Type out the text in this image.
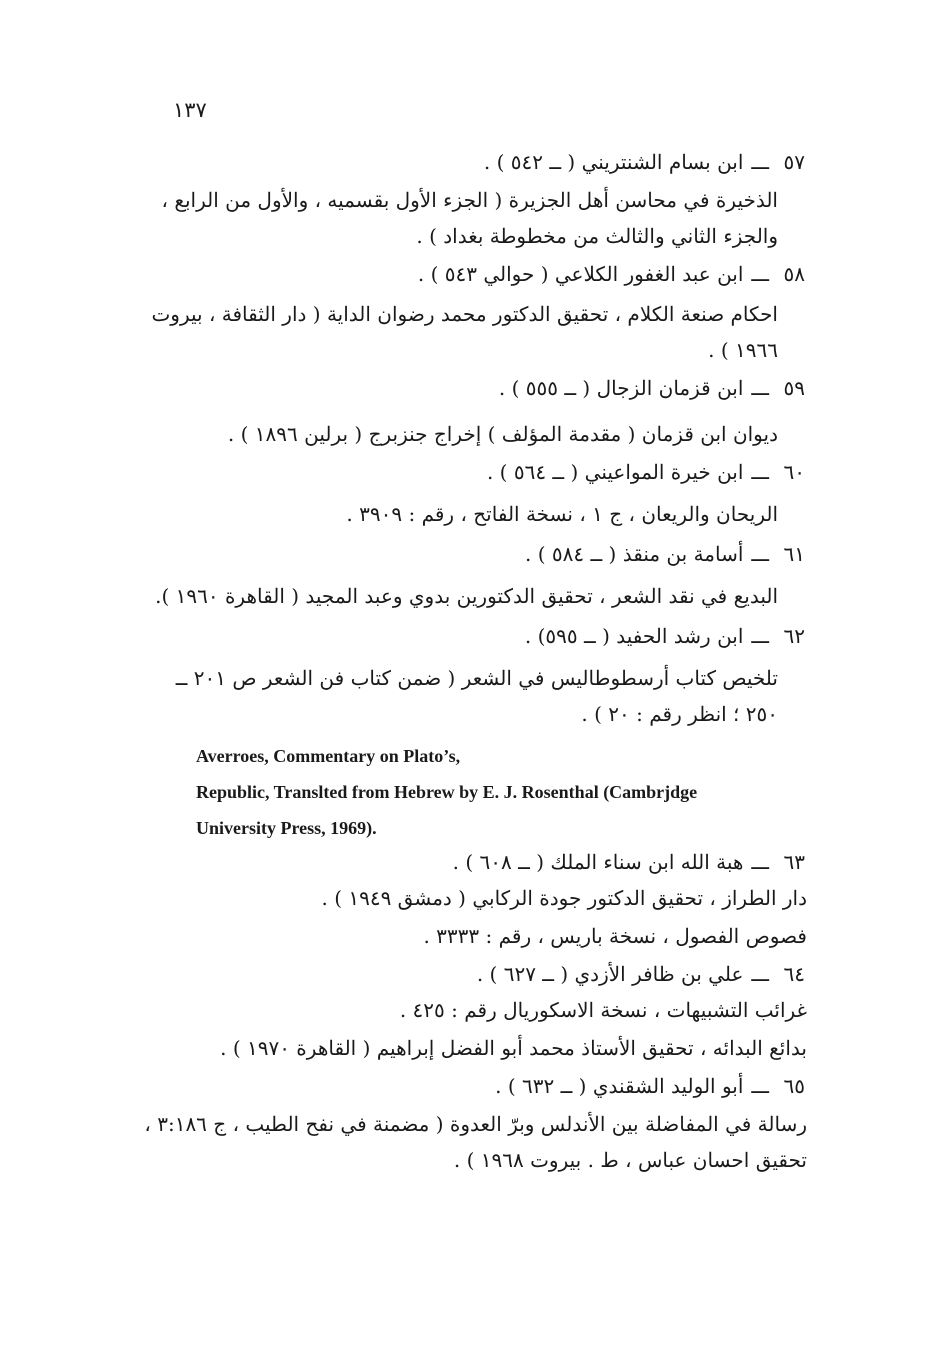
١٣٧
٥٧ـــابن بسام الشنتريني ( ــ ٥٤٢ ) .
الذخيرة في محاسن أهل الجزيرة ( الجزء الأول بقسميه ، والأول من الرابع ،
والجزء الثاني والثالث من مخطوطة بغداد ) .
٥٨ـــابن عبد الغفور الكلاعي ( حوالي ٥٤٣ ) .
احكام صنعة الكلام ، تحقيق الدكتور محمد رضوان الداية ( دار الثقافة ، بيروت
١٩٦٦ ) .
٥٩ـــابن قزمان الزجال ( ــ ٥٥٥ ) .
ديوان ابن قزمان ( مقدمة المؤلف ) إخراج جنزبرج ( برلين ١٨٩٦ ) .
٦٠ـــابن خيرة المواعيني ( ــ ٥٦٤ ) .
الريحان والريعان ، ج ١ ، نسخة الفاتح ، رقم : ٣٩٠٩ .
٦١ـــأسامة بن منقذ ( ــ ٥٨٤ ) .
البديع في نقد الشعر ، تحقيق الدكتورين بدوي وعبد المجيد ( القاهرة ١٩٦٠ ).
٦٢ـــابن رشد الحفيد ( ــ ٥٩٥) .
تلخيص كتاب أرسطوطاليس في الشعر ( ضمن كتاب فن الشعر ص ٢٠١ ــ
٢٥٠ ؛ انظر رقم : ٢٠ ) .
Averroes, Commentary on Plato’s,
Republic, Translted from Hebrew by E. J. Rosenthal (Cambrjdge
University Press, 1969).
٦٣ـــهبة الله ابن سناء الملك ( ــ ٦٠٨ ) .
دار الطراز ، تحقيق الدكتور جودة الركابي ( دمشق ١٩٤٩ ) .
فصوص الفصول ، نسخة باريس ، رقم : ٣٣٣٣ .
٦٤ـــعلي بن ظافر الأزدي ( ــ ٦٢٧ ) .
غرائب التشبيهات ، نسخة الاسكوريال رقم : ٤٢٥ .
بدائع البدائه ، تحقيق الأستاذ محمد أبو الفضل إبراهيم ( القاهرة ١٩٧٠ ) .
٦٥ـــأبو الوليد الشقندي ( ــ ٦٣٢ ) .
رسالة في المفاضلة بين الأندلس وبرّ العدوة ( مضمنة في نفح الطيب ، ج ٣:١٨٦ ،
تحقيق احسان عباس ، ط . بيروت ١٩٦٨ ) .
